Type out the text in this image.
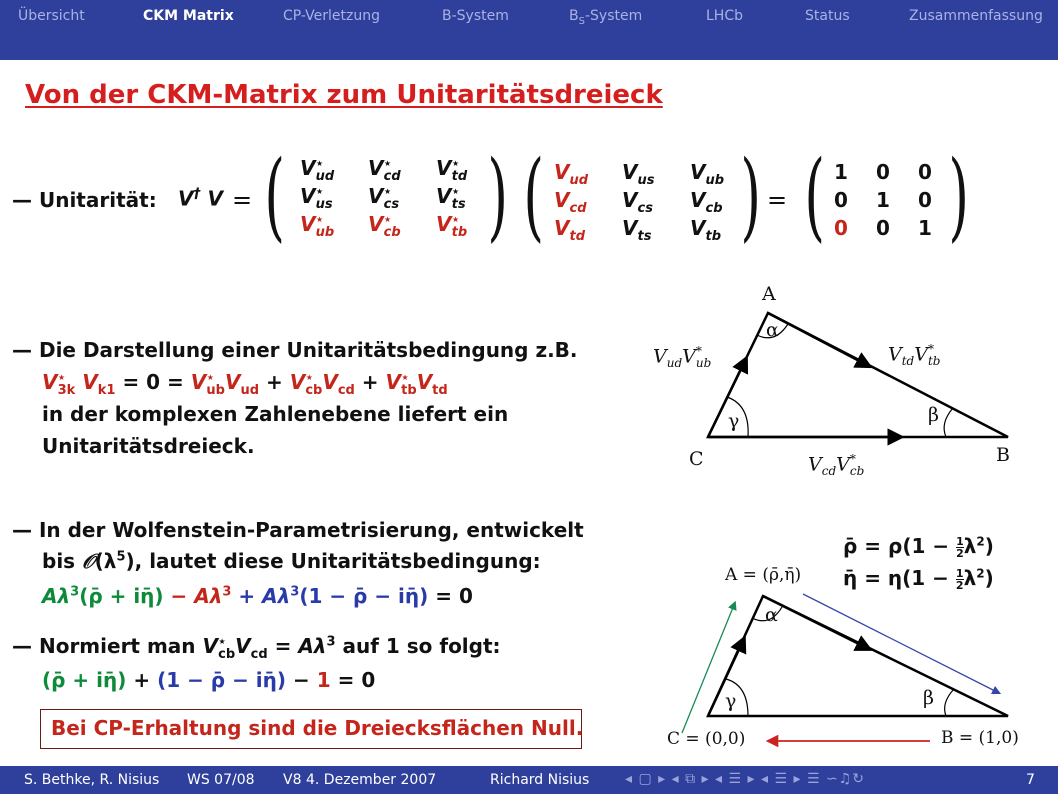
Übersicht	CKM Matrix	CP-Verletzung	B-System	$B_S$-System	LHCb	Status	Zusammenfassung
Von der CKM-Matrix zum Unitaritätsdreieck
— Unitarität: V† V = ( )
$V^⋆_{ud}$ $V^⋆_{cd}$ $V^⋆_{td}$
$V^⋆_{us}$ $V^⋆_{cs}$ $V^⋆_{ts}$
$V^⋆_{ub}$ $V^⋆_{cb}$ $V^⋆_{tb}$ ( )
$V_{ud}$ $V_{us}$ $V_{ub}$
$V_{cd}$ $V_{cs}$ $V_{cb}$
$V_{td}$ $V_{ts}$ $V_{tb}$
= ( )
1 0 0
0 1 0
0 0 1
— Die Darstellung einer Unitaritätsbedingung z.B.
$V^⋆_{3k}$ $V_{k1} = 0 = V^⋆_{ub}V_{ud} + V^⋆_{cb}V_{cd} + V^⋆_{tb}V_{td}$
in der komplexen Zahlenebene liefert ein
Unitaritätsdreieck.
A
B
C
α
β
γ
$V_{ud}V^*_{ub}$	$V_{td}V^*_{tb}$
$V_{cd}V^*_{cb}$
— In der Wolfenstein-Parametrisierung, entwickelt
bis $𝒪(\lambda^5)$, lautet diese Unitaritätsbedingung:
$A\lambda^3(\rhō$ + iη̄) − $A\lambda^3 + A\lambda^3(1$ − ρ̄ − iη̄) = 0
ρ̄ = $\rho(1 - \frac{1}{2} \lambda^2)$
η̄ = $\eta(1 - \frac{1}{2} \lambda^2)$
— Normiert man $V^⋆_{cb}V_{cd} = A\lambda^3$ auf 1 so folgt:
(ρ̄ + iη̄) + (1 − ρ̄ − iη̄) − 1 = 0
A = (ρ̄,η̄)
B = (1,0)
C = (0,0)
α
β
γ
Bei CP-Erhaltung sind die Dreiecksflächen Null.
S. Bethke, R. Nisius WS 07/08 V8 4. Dezember 2007	Richard Nisius	◂ ▢ ▸ ◂ ⧉ ▸ ◂ ☰ ▸ ◂ ☰ ▸ ☰ ∽♫↻	7
